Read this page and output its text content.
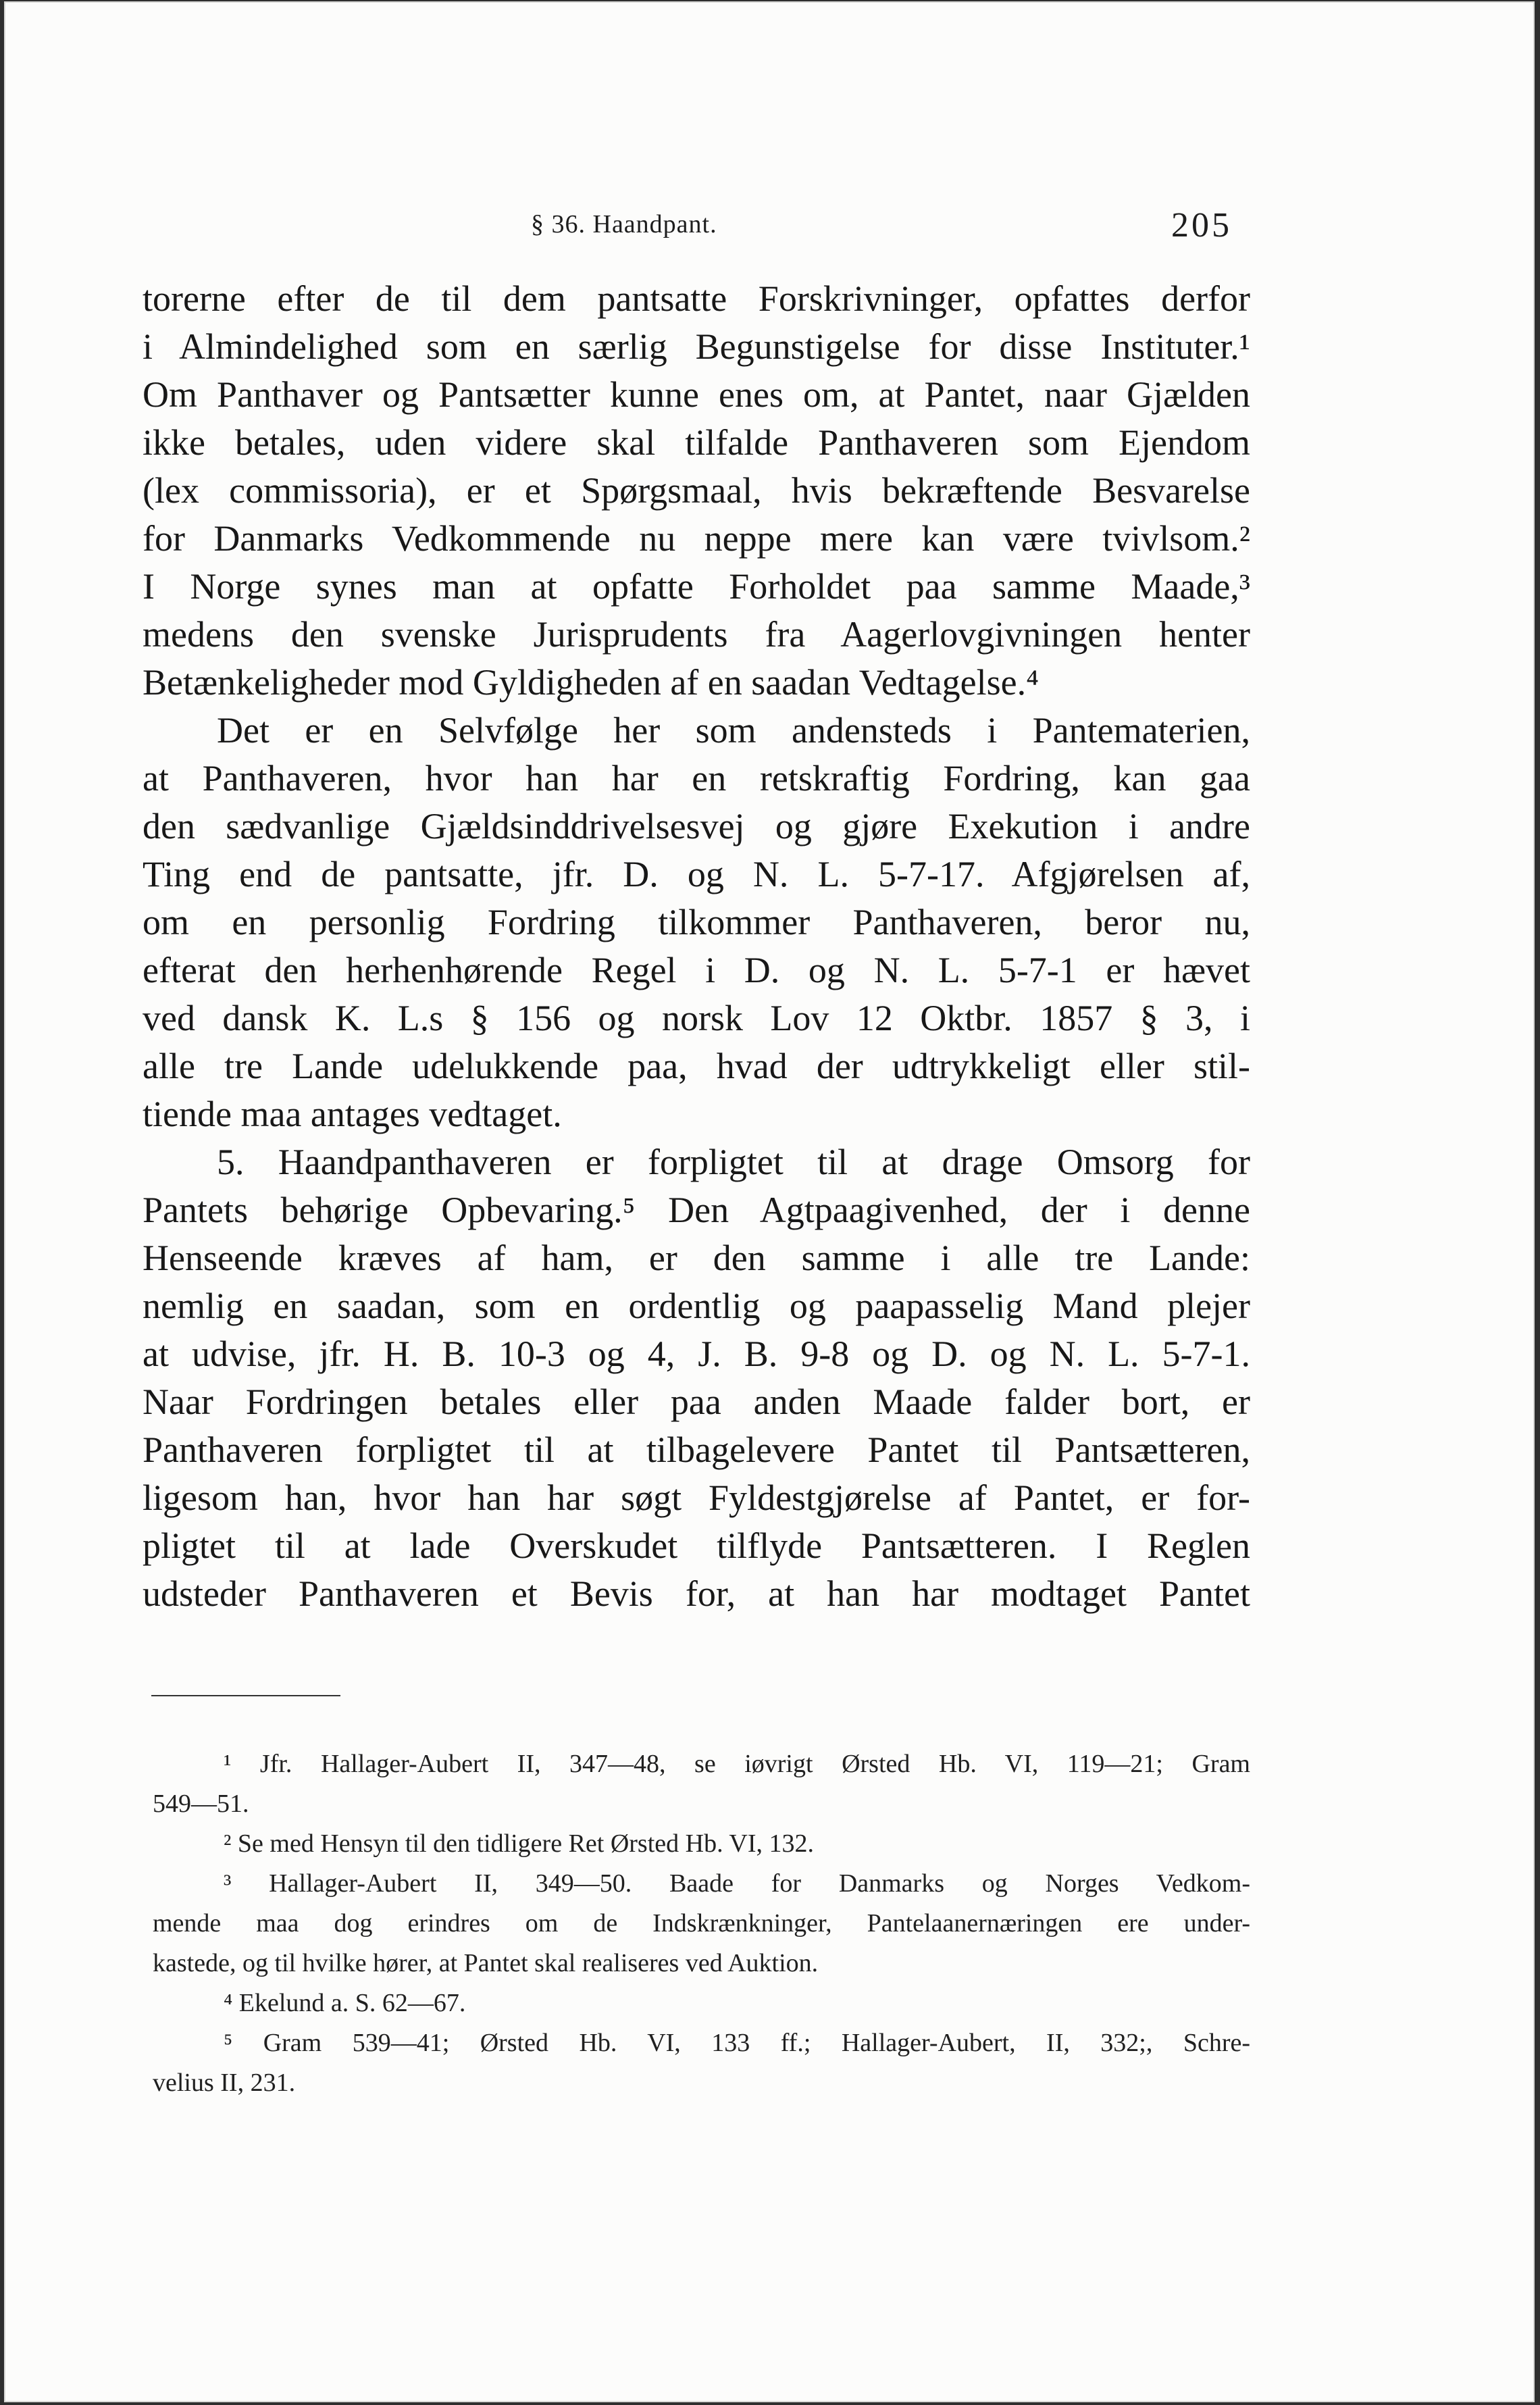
§ 36. Haandpant.	205
torerne efter de til dem pantsatte Forskrivninger, opfattes derfor
i Almindelighed som en særlig Begunstigelse for disse Instituter.¹
Om Panthaver og Pantsætter kunne enes om, at Pantet, naar Gjælden
ikke betales, uden videre skal tilfalde Panthaveren som Ejendom
(lex commissoria), er et Spørgsmaal, hvis bekræftende Besvarelse
for Danmarks Vedkommende nu neppe mere kan være tvivlsom.²
I Norge synes man at opfatte Forholdet paa samme Maade,³
medens den svenske Jurisprudents fra Aagerlovgivningen henter
Betænkeligheder mod Gyldigheden af en saadan Vedtagelse.⁴
Det er en Selvfølge her som andensteds i Pantematerien,
at Panthaveren, hvor han har en retskraftig Fordring, kan gaa
den sædvanlige Gjældsinddrivelsesvej og gjøre Exekution i andre
Ting end de pantsatte, jfr. D. og N. L. 5-7-17. Afgjørelsen af,
om en personlig Fordring tilkommer Panthaveren, beror nu,
efterat den herhenhørende Regel i D. og N. L. 5-7-1 er hævet
ved dansk K. L.s § 156 og norsk Lov 12 Oktbr. 1857 § 3, i
alle tre Lande udelukkende paa, hvad der udtrykkeligt eller stil-
tiende maa antages vedtaget.
5. Haandpanthaveren er forpligtet til at drage Omsorg for
Pantets behørige Opbevaring.⁵ Den Agtpaagivenhed, der i denne
Henseende kræves af ham, er den samme i alle tre Lande:
nemlig en saadan, som en ordentlig og paapasselig Mand plejer
at udvise, jfr. H. B. 10-3 og 4, J. B. 9-8 og D. og N. L. 5-7-1.
Naar Fordringen betales eller paa anden Maade falder bort, er
Panthaveren forpligtet til at tilbagelevere Pantet til Pantsætteren,
ligesom han, hvor han har søgt Fyldestgjørelse af Pantet, er for-
pligtet til at lade Overskudet tilflyde Pantsætteren. I Reglen
udsteder Panthaveren et Bevis for, at han har modtaget Pantet
¹ Jfr. Hallager-Aubert II, 347—48, se iøvrigt Ørsted Hb. VI, 119—21; Gram
549—51.
² Se med Hensyn til den tidligere Ret Ørsted Hb. VI, 132.
³ Hallager-Aubert II, 349—50. Baade for Danmarks og Norges Vedkom-
mende maa dog erindres om de Indskrænkninger, Pantelaanernæringen ere under-
kastede, og til hvilke hører, at Pantet skal realiseres ved Auktion.
⁴ Ekelund a. S. 62—67.
⁵ Gram 539—41; Ørsted Hb. VI, 133 ff.; Hallager-Aubert, II, 332;, Schre-
velius II, 231.
